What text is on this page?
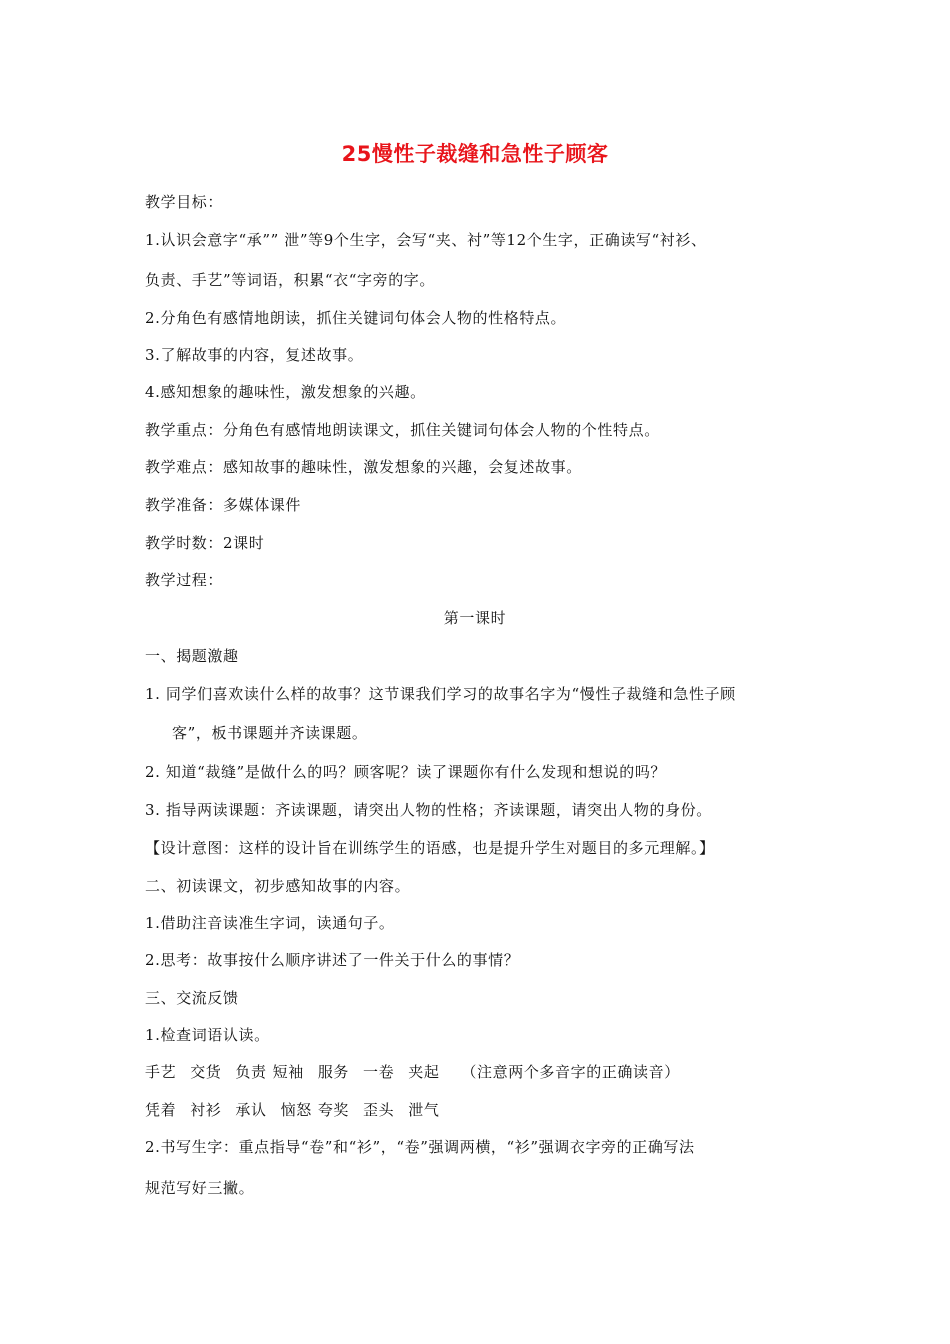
25慢性子裁缝和急性子顾客
教学目标：
1.认识会意字“承”” 泄”等9个生字，会写“夹、衬”等12个生字，正确读写“衬衫、
负责、手艺”等词语，积累“衣“字旁的字。
2.分角色有感情地朗读，抓住关键词句体会人物的性格特点。
3.了解故事的内容，复述故事。
4.感知想象的趣味性，激发想象的兴趣。
教学重点：分角色有感情地朗读课文，抓住关键词句体会人物的个性特点。
教学难点：感知故事的趣味性，激发想象的兴趣，会复述故事。
教学准备：多媒体课件
教学时数：2课时
教学过程：
第一课时
一、揭题激趣
1. 同学们喜欢读什么样的故事？这节课我们学习的故事名字为“慢性子裁缝和急性子顾
客”，板书课题并齐读课题。
2. 知道“裁缝”是做什么的吗？顾客呢？读了课题你有什么发现和想说的吗？
3. 指导两读课题：齐读课题，请突出人物的性格；齐读课题，请突出人物的身份。
【设计意图：这样的设计旨在训练学生的语感，也是提升学生对题目的多元理解。】
二、初读课文，初步感知故事的内容。
1.借助注音读准生字词，读通句子。
2.思考：故事按什么顺序讲述了一件关于什么的事情？
三、交流反馈
1.检查词语认读。
手艺 交货 负责 短袖 服务 一卷 夹起 （注意两个多音字的正确读音）
凭着 衬衫 承认 恼怒 夸奖 歪头 泄气
2.书写生字：重点指导“卷”和“衫”，“卷”强调两横，“衫”强调衣字旁的正确写法
规范写好三撇。
